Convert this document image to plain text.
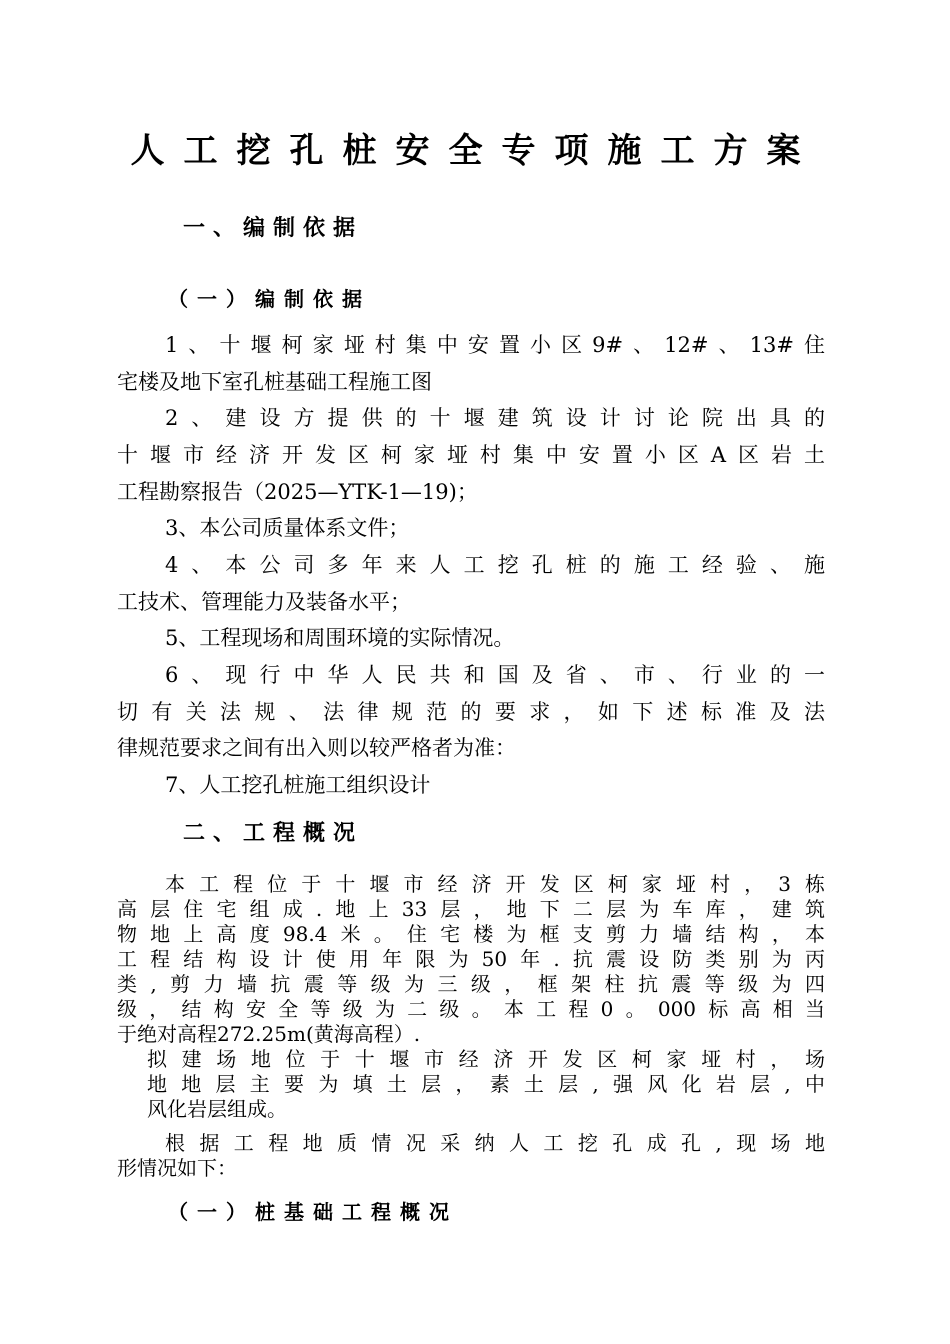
人工挖孔桩安全专项施工方案
一、编制依据
（一）编制依据
1、十堰柯家垭村集中安置小区9#、12#、13#住
宅楼及地下室孔桩基础工程施工图
2、建设方提供的十堰建筑设计讨论院出具的
十堰市经济开发区柯家垭村集中安置小区A区岩土
工程勘察报告（2025—YTK-1—19)；
3、本公司质量体系文件；
4、本公司多年来人工挖孔桩的施工经验、施
工技术、管理能力及装备水平；
5、工程现场和周围环境的实际情况。
6、现行中华人民共和国及省、市、行业的一
切有关法规、法律规范的要求，如下述标准及法
律规范要求之间有出入则以较严格者为准：
7、人工挖孔桩施工组织设计
二、工程概况
本工程位于十堰市经济开发区柯家垭村，3栋
高层住宅组成.地上33层，地下二层为车库，建筑
物地上高度98.4米。住宅楼为框支剪力墙结构，本
工程结构设计使用年限为50年.抗震设防类别为丙
类,剪力墙抗震等级为三级，框架柱抗震等级为四
级，结构安全等级为二级。本工程0。000标高相当
于绝对高程272.25m(黄海高程）.
拟建场地位于十堰市经济开发区柯家垭村，场
地地层主要为填土层，素土层,强风化岩层,中
风化岩层组成。
根据工程地质情况采纳人工挖孔成孔,现场地
形情况如下：
（一）桩基础工程概况
